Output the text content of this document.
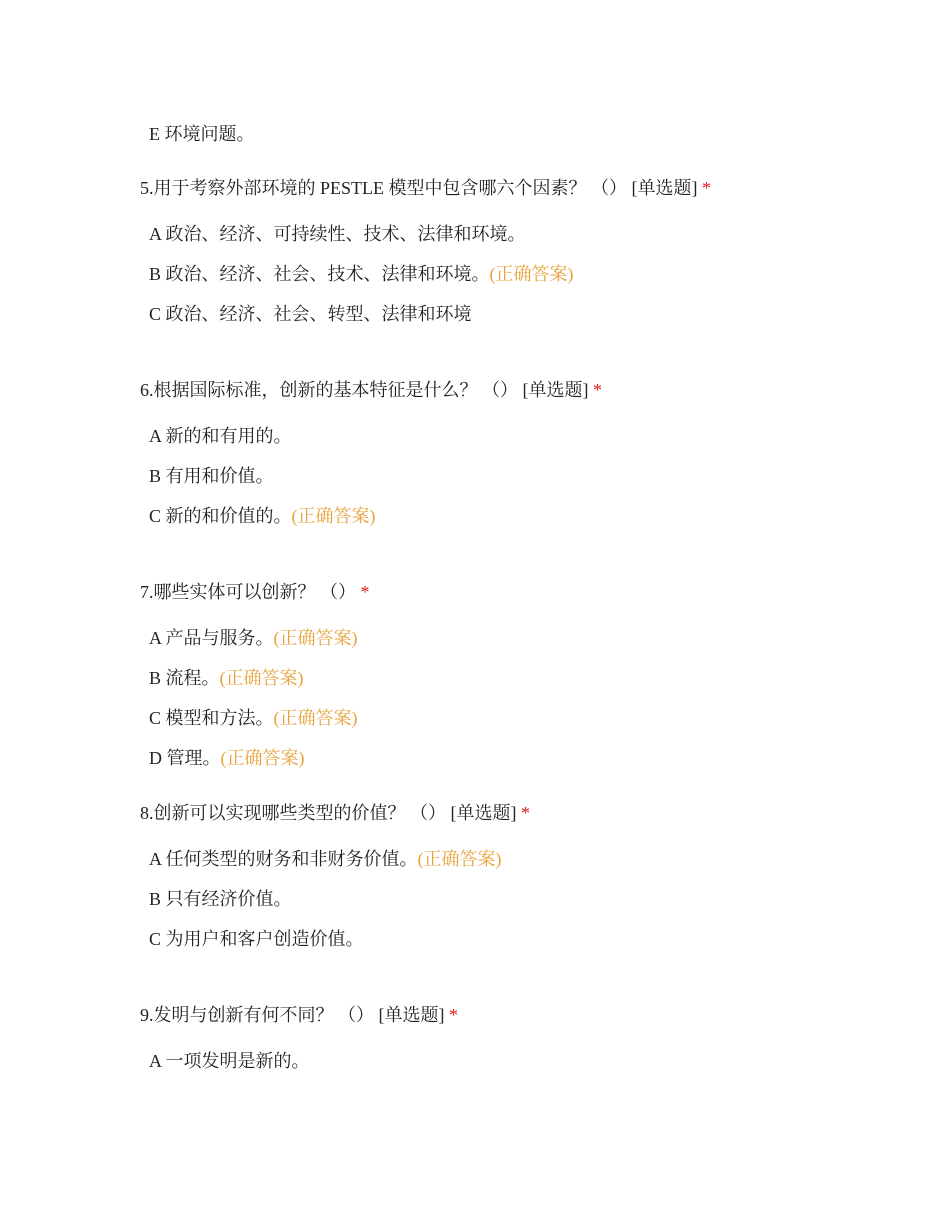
E 环境问题。
5.用于考察外部环境的 PESTLE 模型中包含哪六个因素？ （） [单选题] *
A 政治、经济、可持续性、技术、法律和环境。
B 政治、经济、社会、技术、法律和环境。(正确答案)
C 政治、经济、社会、转型、法律和环境
6.根据国际标准，创新的基本特征是什么？ （） [单选题] *
A 新的和有用的。
B 有用和价值。
C 新的和价值的。(正确答案)
7.哪些实体可以创新？ （） *
A 产品与服务。(正确答案)
B 流程。(正确答案)
C 模型和方法。(正确答案)
D 管理。(正确答案)
8.创新可以实现哪些类型的价值？ （） [单选题] *
A 任何类型的财务和非财务价值。(正确答案)
B 只有经济价值。
C 为用户和客户创造价值。
9.发明与创新有何不同？ （） [单选题] *
A 一项发明是新的。
